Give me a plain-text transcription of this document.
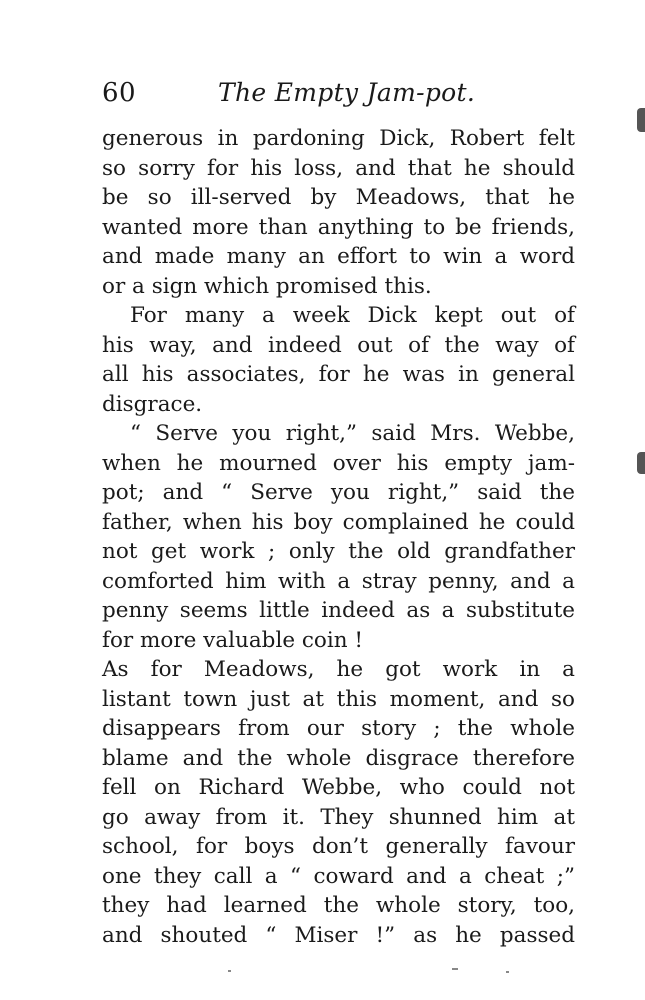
60	The Empty Jam-pot.
generous in pardoning Dick, Robert felt
so sorry for his loss, and that he should
be so ill-served by Meadows, that he
wanted more than anything to be friends,
and made many an effort to win a word
or a sign which promised this.
For many a week Dick kept out of
his way, and indeed out of the way of
all his associates, for he was in general
disgrace.
“ Serve you right,” said Mrs. Webbe,
when he mourned over his empty jam-
pot; and “ Serve you right,” said the
father, when his boy complained he could
not get work ; only the old grandfather
comforted him with a stray penny, and a
penny seems little indeed as a substitute
for more valuable coin !
As for Meadows, he got work in a
listant town just at this moment, and so
disappears from our story ; the whole
blame and the whole disgrace therefore
fell on Richard Webbe, who could not
go away from it. They shunned him at
school, for boys don’t generally favour
one they call a “ coward and a cheat ;”
they had learned the whole story, too,
and shouted “ Miser !” as he passed
